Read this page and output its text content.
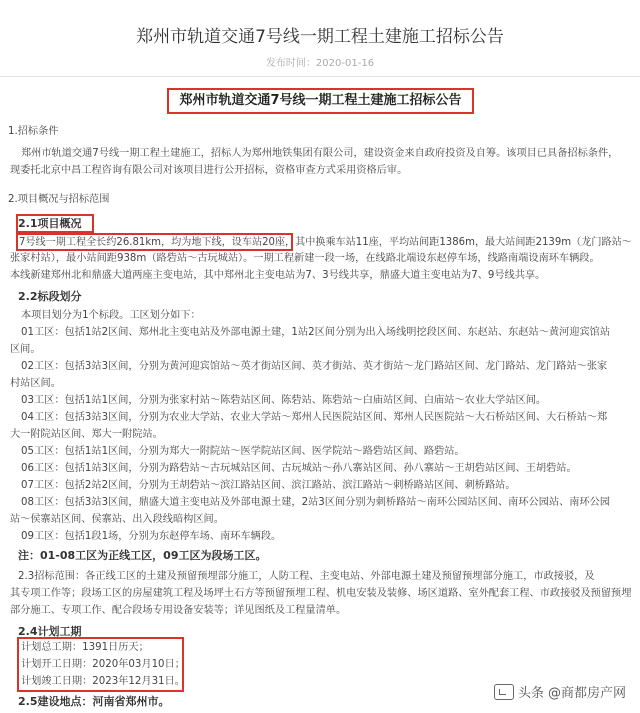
郑州市轨道交通7号线一期工程土建施工招标公告
发布时间：2020-01-16
郑州市轨道交通7号线一期工程土建施工招标公告
1.招标条件
郑州市轨道交通7号线一期工程土建施工，招标人为郑州地铁集团有限公司，建设资金来自政府投资及自筹。该项目已具备招标条件，
现委托北京中昌工程咨询有限公司对该项目进行公开招标，资格审查方式采用资格后审。
2.项目概况与招标范围
2.1项目概况
7号线一期工程全长约26.81km，均为地下线，设车站20座，其中换乘车站11座，平均站间距1386m，最大站间距2139m（龙门路站～
张家村站），最小站间距938m（路砦站～古玩城站）。一期工程新建一段一场，在线路北端设东赵停车场，线路南端设南环车辆段。
本线新建郑州北和鼎盛大道两座主变电站，其中郑州北主变电站为7、3号线共享，鼎盛大道主变电站为7、9号线共享。
2.2标段划分
本项目划分为1个标段。工区划分如下：
01工区：包括1站2区间、郑州北主变电站及外部电源土建，1站2区间分别为出入场线明挖段区间、东赵站、东赵站～黄河迎宾馆站
区间。
02工区：包括3站3区间，分别为黄河迎宾馆站～英才街站区间、英才街站、英才街站～龙门路站区间、龙门路站、龙门路站～张家
村站区间。
03工区：包括1站1区间，分别为张家村站～陈砦站区间、陈砦站、陈砦站～白庙站区间、白庙站～农业大学站区间。
04工区：包括3站3区间，分别为农业大学站、农业大学站～郑州人民医院站区间、郑州人民医院站～大石桥站区间、大石桥站～郑
大一附院站区间、郑大一附院站。
05工区：包括1站1区间，分别为郑大一附院站～医学院站区间、医学院站～路砦站区间、路砦站。
06工区：包括1站3区间，分别为路砦站～古玩城站区间、古玩城站～孙八寨站区间、孙八寨站～王胡砦站区间、王胡砦站。
07工区：包括2站2区间，分别为王胡砦站～滨江路站区间、滨江路站、滨江路站～刺桥路站区间、刺桥路站。
08工区：包括3站3区间，鼎盛大道主变电站及外部电源土建，2站3区间分别为刺桥路站～南环公园站区间、南环公园站、南环公园
站～侯寨站区间、侯寨站、出入段线暗构区间。
09工区：包括1段1场，分别为东赵停车场、南环车辆段。
注：01-08工区为正线工区，09工区为段场工区。
2.3招标范围：各正线工区的土建及预留预埋部分施工，人防工程、主变电站、外部电源土建及预留预埋部分施工，市政接驳，及
其专项工作等；段场工区的房屋建筑工程及场坪土石方等预留预埋工程、机电安装及装修、场区道路、室外配套工程、市政接驳及预留预埋
部分施工、专项工作、配合段场专用设备安装等；详见图纸及工程量清单。
2.4计划工期
计划总工期：1391日历天；
计划开工日期：2020年03月10日；
计划竣工日期：2023年12月31日。
2.5建设地点：河南省郑州市。
头条 @商都房产网
